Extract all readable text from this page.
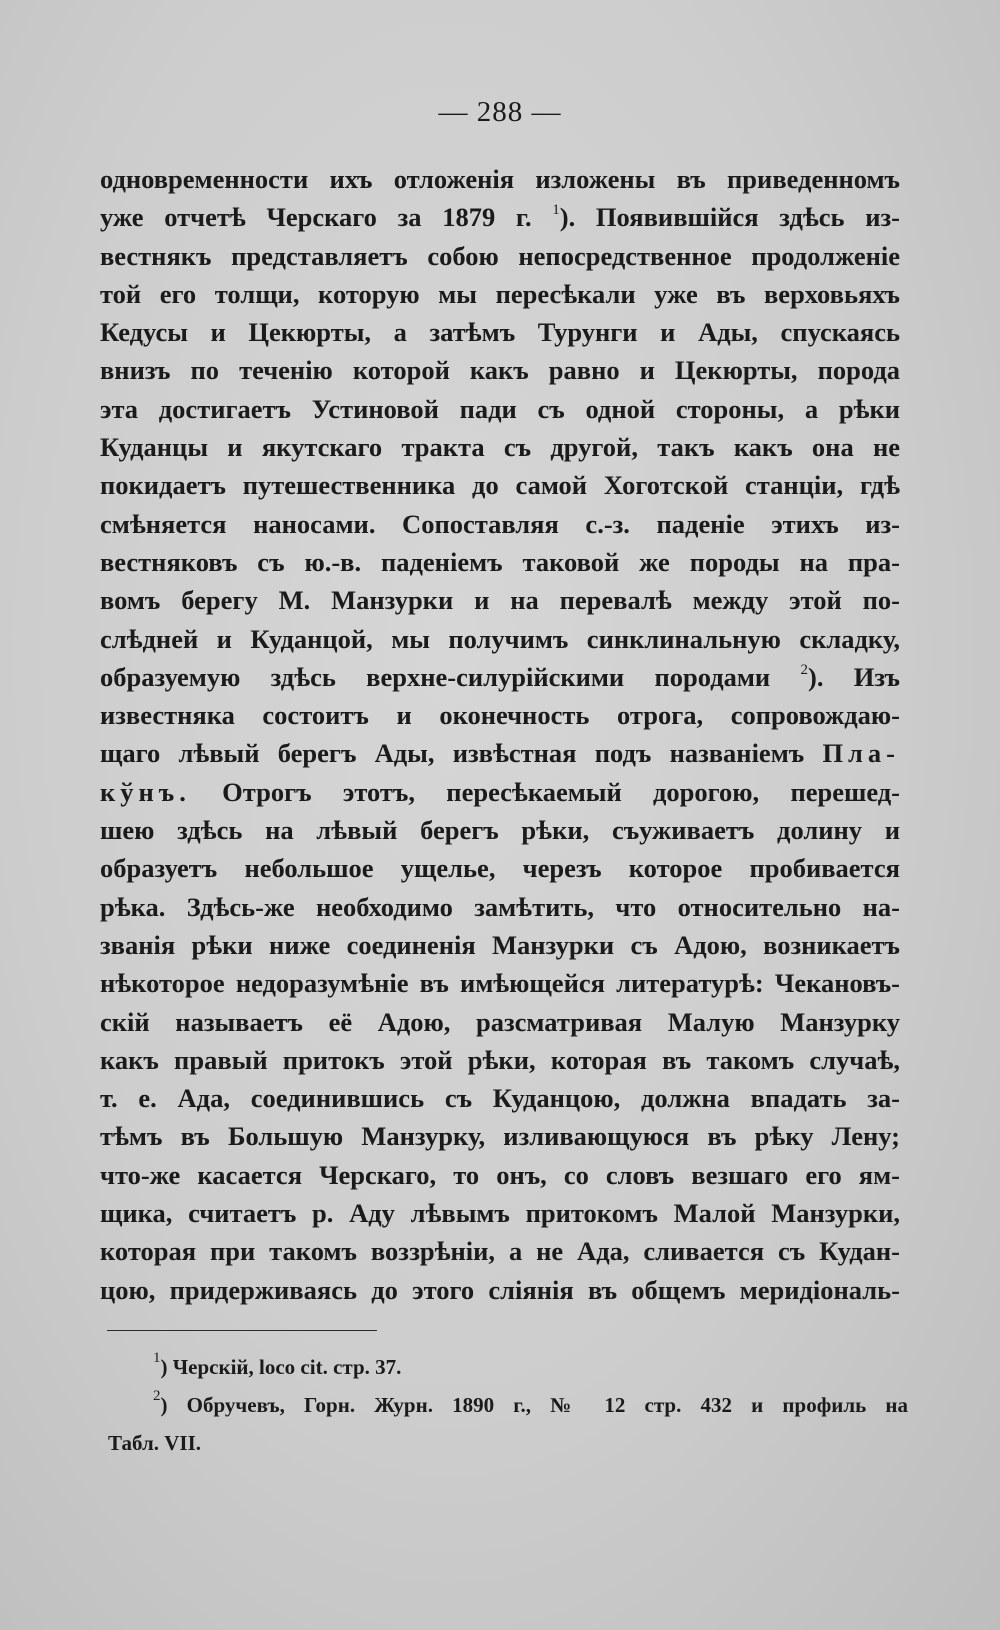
— 288 —
одновременности ихъ отложенія изложены въ приведенномъ
уже отчетѣ Черскаго за 1879 г. $^1$). Появившійся здѣсь из-
вестнякъ представляетъ собою непосредственное продолженіе
той его толщи, которую мы пересѣкали уже въ верховьяхъ
Кедусы и Цекюрты, а затѣмъ Турунги и Ады, спускаясь
внизъ по теченію которой какъ равно и Цекюрты, порода
эта достигаетъ Устиновой пади съ одной стороны, а рѣки
Куданцы и якутскаго тракта съ другой, такъ какъ она не
покидаетъ путешественника до самой Хоготской станціи, гдѣ
смѣняется наносами. Сопоставляя с.-з. паденіе этихъ из-
вестняковъ съ ю.-в. паденіемъ таковой же породы на пра-
вомъ берегу М. Манзурки и на перевалѣ между этой по-
слѣдней и Куданцой, мы получимъ синклинальную складку,
образуемую здѣсь верхне-силурійскими породами $^2$). Изъ
известняка состоитъ и оконечность отрога, сопровождаю-
щаго лѣвый берегъ Ады, извѣстная подъ названіемъ Пла-
кўнъ. Отрогъ этотъ, пересѣкаемый дорогою, перешед-
шею здѣсь на лѣвый берегъ рѣки, съуживаетъ долину и
образуетъ небольшое ущелье, черезъ которое пробивается
рѣка. Здѣсь-же необходимо замѣтить, что относительно на-
званія рѣки ниже соединенія Манзурки съ Адою, возникаетъ
нѣкоторое недоразумѣніе въ имѣющейся литературѣ: Чекановъ-
скій называетъ её Адою, разсматривая Малую Манзурку
какъ правый притокъ этой рѣки, которая въ такомъ случаѣ,
т. е. Ада, соединившись съ Куданцою, должна впадать за-
тѣмъ въ Большую Манзурку, изливающуюся въ рѣку Лену;
что-же касается Черскаго, то онъ, со словъ везшаго его ям-
щика, считаетъ р. Аду лѣвымъ притокомъ Малой Манзурки,
которая при такомъ воззрѣніи, а не Ада, сливается съ Кудан-
цою, придерживаясь до этого слiянія въ общемъ меридіональ-
$^1$) Черскій, loco cit. стр. 37.
$^2$) Обручевъ, Горн. Журн. 1890 г., № 12 стр. 432 и профиль на
Табл. VII.
